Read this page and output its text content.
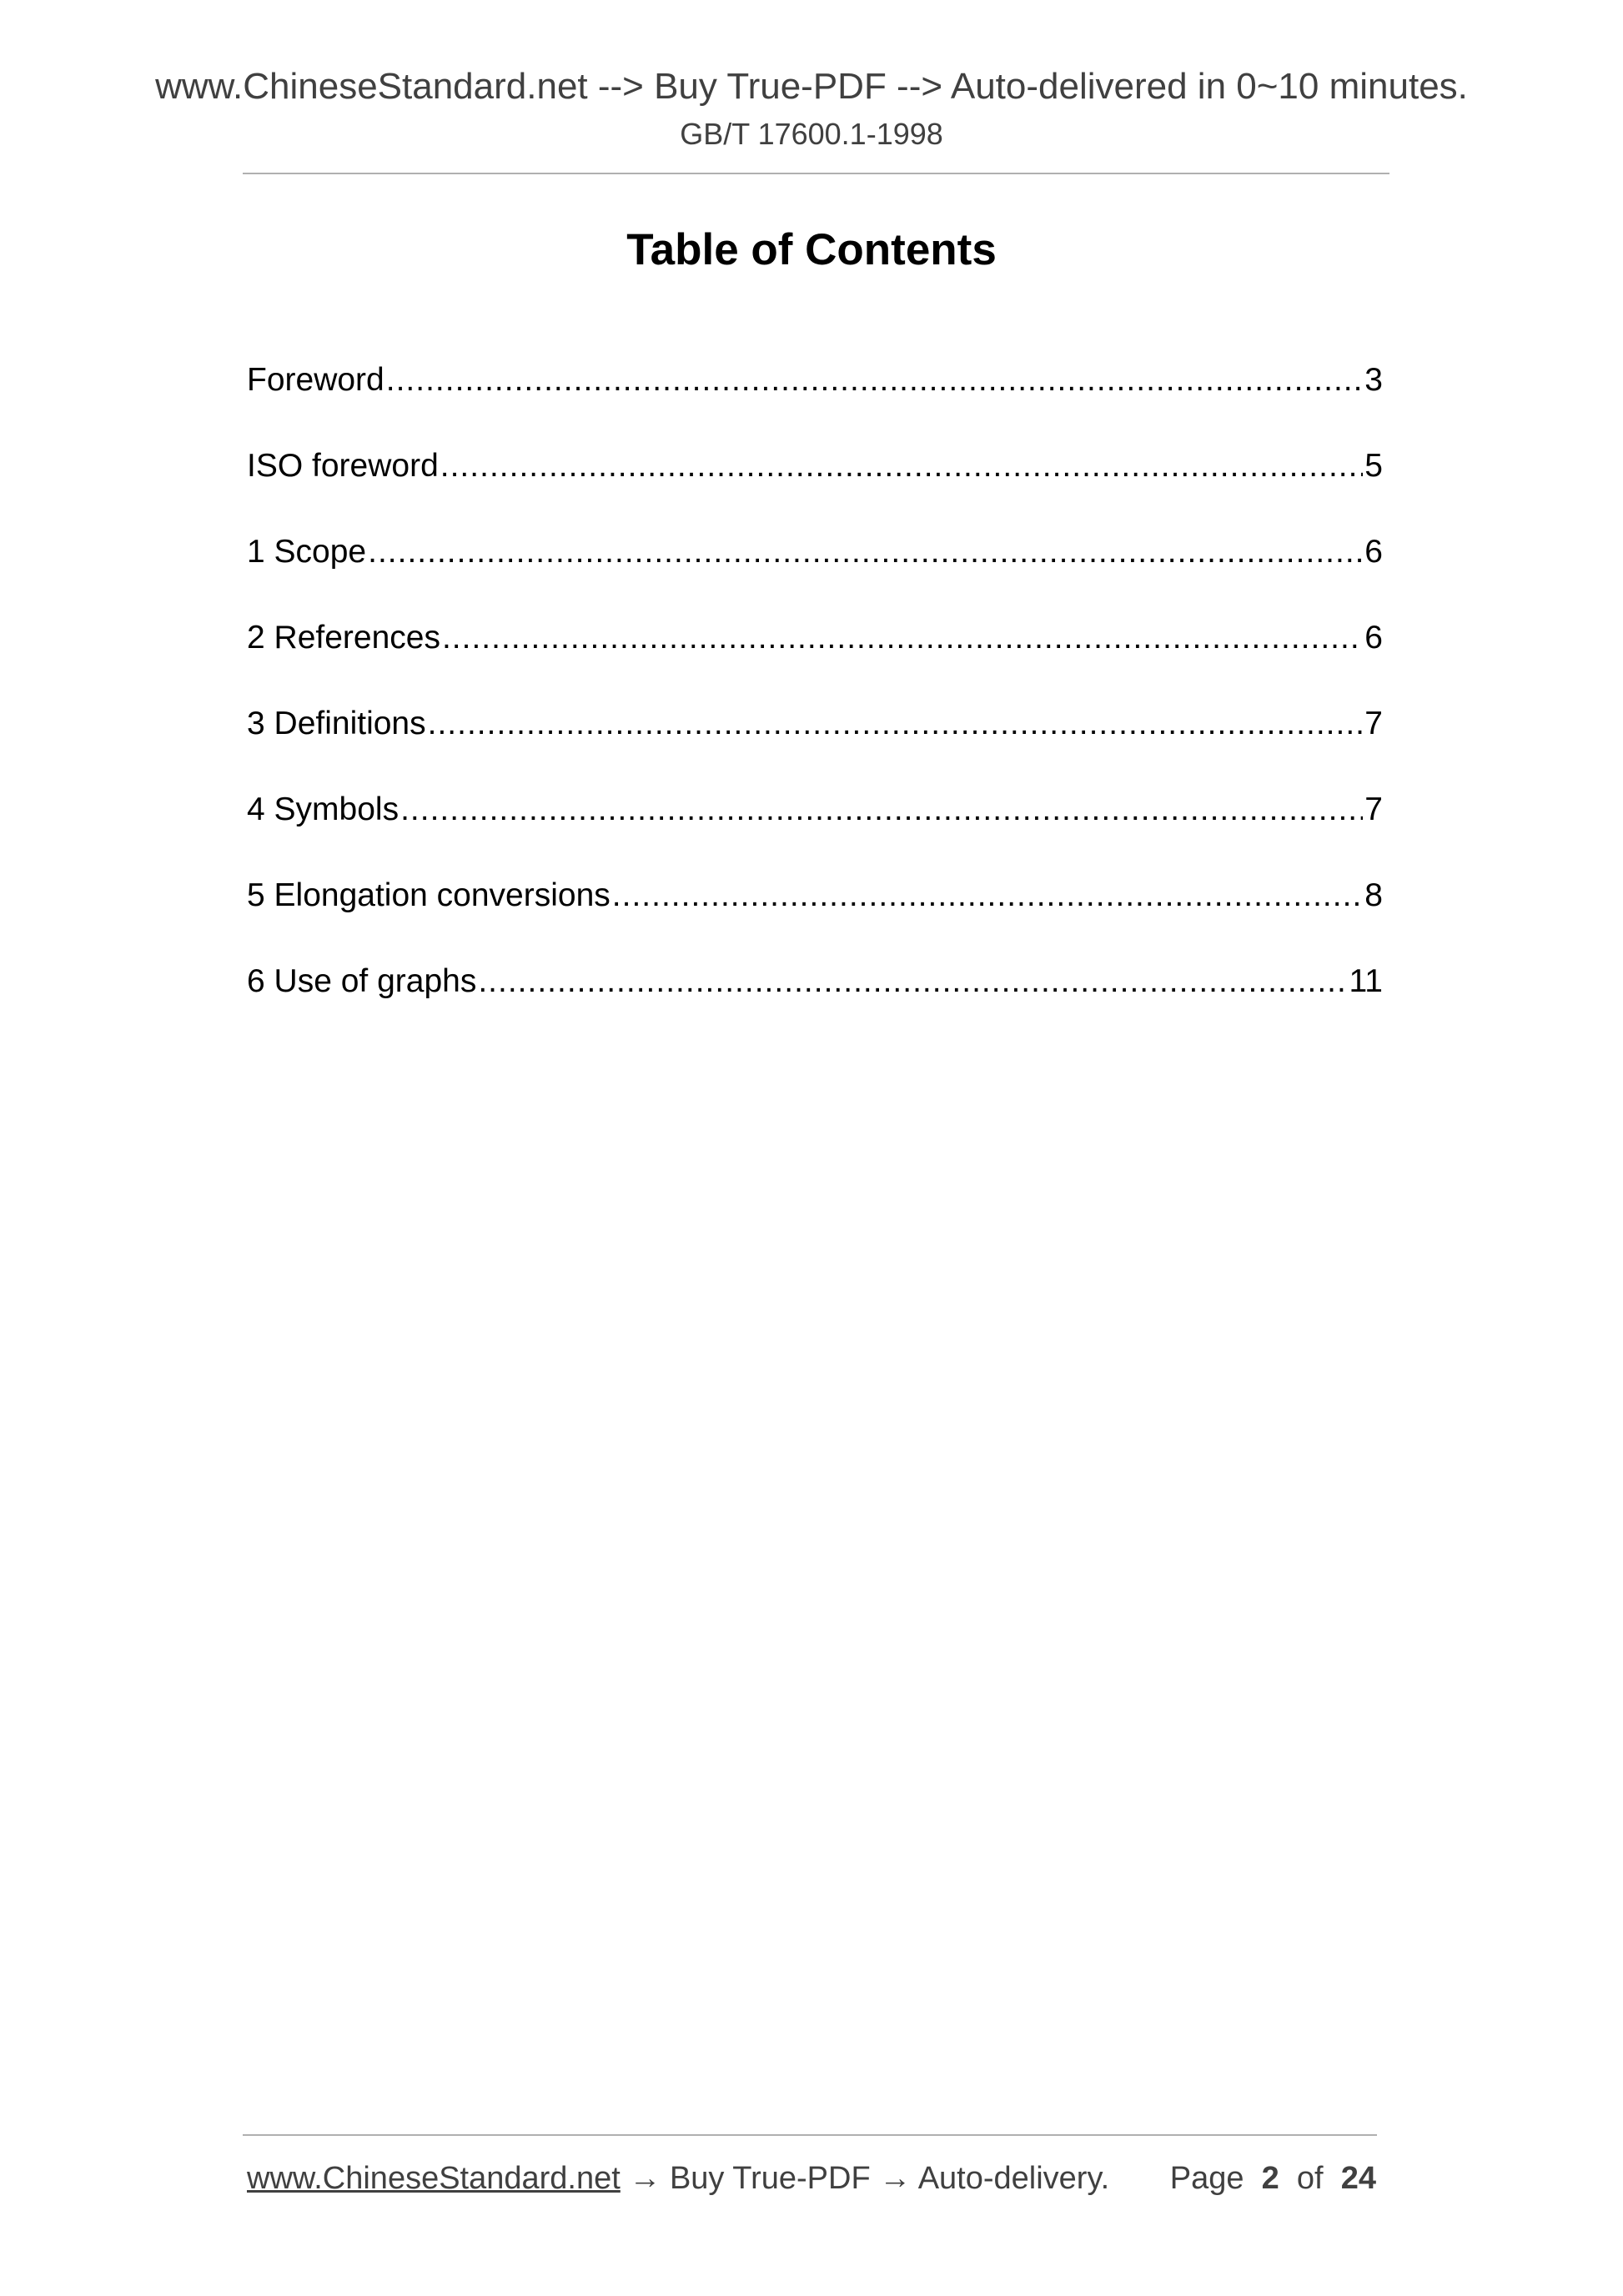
www.ChineseStandard.net --> Buy True-PDF --> Auto-delivered in 0~10 minutes.
GB/T 17600.1-1998
Table of Contents
Foreword .....	3
ISO foreword .....	5
1 Scope .....	6
2 References .....	6
3 Definitions .....	7
4 Symbols .....	7
5 Elongation conversions .....	8
6 Use of graphs .....	11
www.ChineseStandard.net → Buy True-PDF → Auto-delivery. Page 2 of 24
